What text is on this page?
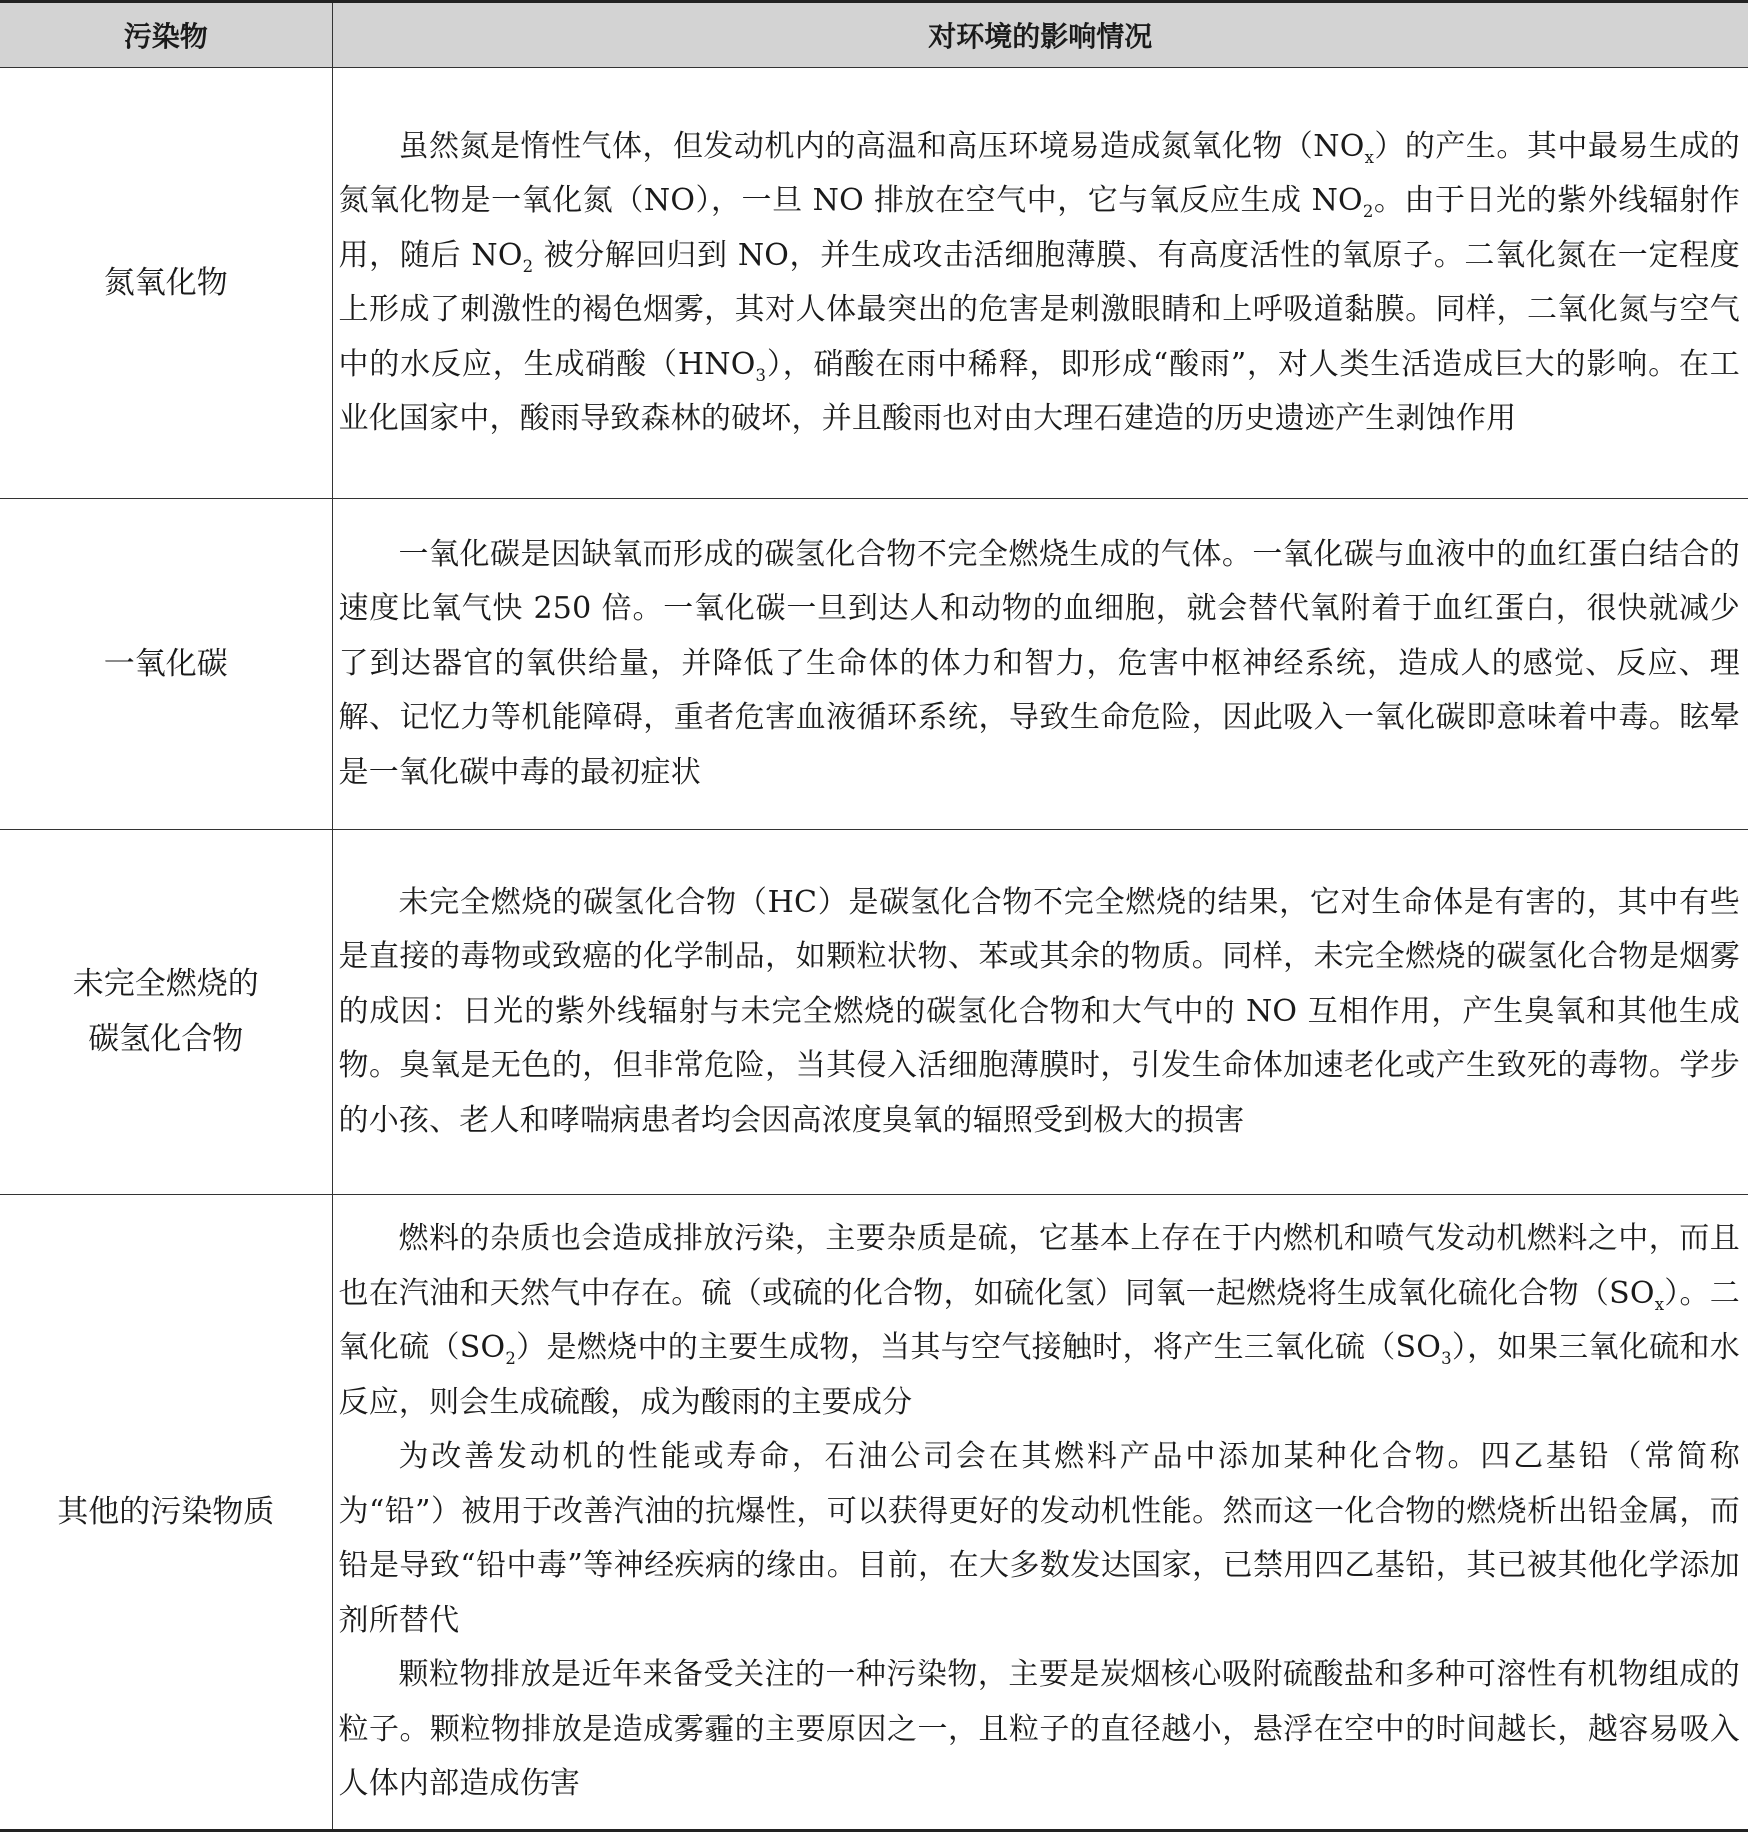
污染物	对环境的影响情况
氮氧化物	虽然氮是惰性气体，但发动机内的高温和高压环境易造成氮氧化物$(NO_x)$的产生。其中最易生成的氮氧化物是一氧化氮（NO），一旦 NO 排放在空气中，它与氧反应生成 $NO_2$。由于日光的紫外线辐射作用，随后 $NO_2$ 被分解回归到 NO，并生成攻击活细胞薄膜、有高度活性的氧原子。二氧化氮在一定程度上形成了刺激性的褐色烟雾，其对人体最突出的危害是刺激眼睛和上呼吸道黏膜。同样，二氧化氮与空气中的水反应，生成硝酸$(HNO_3)$，硝酸在雨中稀释，即形成“酸雨”，对人类生活造成巨大的影响。在工业化国家中，酸雨导致森林的破坏，并且酸雨也对由大理石建造的历史遗迹产生剥蚀作用

一氧化碳	一氧化碳是因缺氧而形成的碳氢化合物不完全燃烧生成的气体。一氧化碳与血液中的血红蛋白结合的速度比氧气快 250 倍。一氧化碳一旦到达人和动物的血细胞，就会替代氧附着于血红蛋白，很快就减少了到达器官的氧供给量，并降低了生命体的体力和智力，危害中枢神经系统，造成人的感觉、反应、理解、记忆力等机能障碍，重者危害血液循环系统，导致生命危险，因此吸入一氧化碳即意味着中毒。眩晕是一氧化碳中毒的最初症状

未完全燃烧的
碳氢化合物	未完全燃烧的碳氢化合物（HC）是碳氢化合物不完全燃烧的结果，它对生命体是有害的，其中有些是直接的毒物或致癌的化学制品，如颗粒状物、苯或其余的物质。同样，未完全燃烧的碳氢化合物是烟雾的成因：日光的紫外线辐射与未完全燃烧的碳氢化合物和大气中的 NO 互相作用，产生臭氧和其他生成物。臭氧是无色的，但非常危险，当其侵入活细胞薄膜时，引发生命体加速老化或产生致死的毒物。学步的小孩、老人和哮喘病患者均会因高浓度臭氧的辐照受到极大的损害

其他的污染物质	燃料的杂质也会造成排放污染，主要杂质是硫，它基本上存在于内燃机和喷气发动机燃料之中，而且也在汽油和天然气中存在。硫（或硫的化合物，如硫化氢）同氧一起燃烧将生成氧化硫化合物$(SO_x)$。二氧化硫$(SO_2)$是燃烧中的主要生成物，当其与空气接触时，将产生三氧化硫$(SO_3)$，如果三氧化硫和水反应，则会生成硫酸，成为酸雨的主要成分

为改善发动机的性能或寿命，石油公司会在其燃料产品中添加某种化合物。四乙基铅（常简称为“铅”）被用于改善汽油的抗爆性，可以获得更好的发动机性能。然而这一化合物的燃烧析出铅金属，而铅是导致“铅中毒”等神经疾病的缘由。目前，在大多数发达国家，已禁用四乙基铅，其已被其他化学添加剂所替代

颗粒物排放是近年来备受关注的一种污染物，主要是炭烟核心吸附硫酸盐和多种可溶性有机物组成的粒子。颗粒物排放是造成雾霾的主要原因之一，且粒子的直径越小，悬浮在空中的时间越长，越容易吸入人体内部造成伤害
